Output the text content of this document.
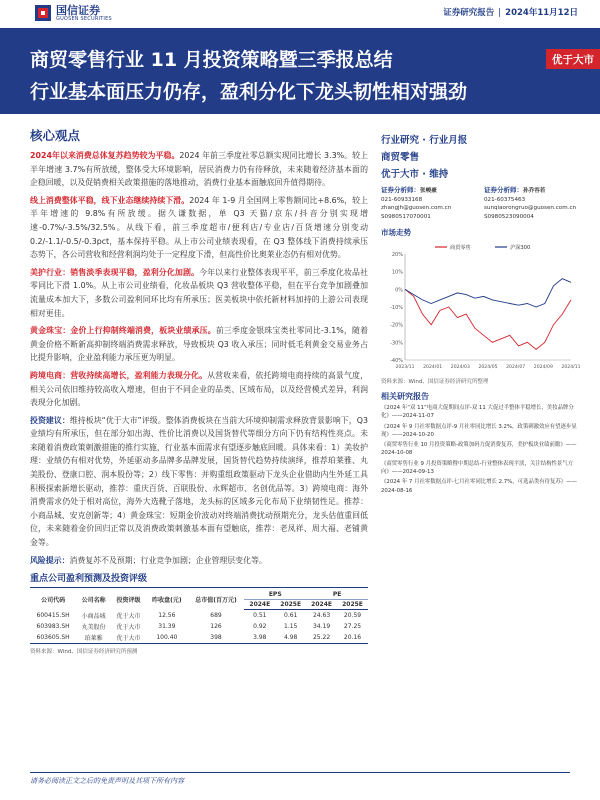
国信证券
GUOSEN SECURITIES
证券研究报告 | 2024年11月12日
商贸零售行业 11 月投资策略暨三季报总结
行业基本面压力仍存，盈利分化下龙头韧性相对强劲
优于大市
核心观点

2024年以来消费总体复苏趋势较为平稳。2024 年前三季度社零总额实现同比增长 3.3%。较上半年增速 3.7%有所放缓，整体受大环境影响，居民消费力仍有待释放，未来随着经济基本面的企稳回暖，以及促销费相关政策措施的落地推动，消费行业基本面触底回升值得期待。

线上消费整体平稳，线下业态继续持续下滑。2024 年 1-9 月全国网上零售额同比+8.6%，较上半年增速的 9.8%有所放缓。据久谦数据，单 Q3 天猫/京东/抖音分别实现增速-0.7%/-3.5%/32.5%。从线下看，前三季度超市/便利店/专业店/百货增速分别变动 0.2/-1.1/-0.5/-0.3pct，基本保持平稳。从上市公司业绩表现看，在 Q3 整体线下消费持续承压态势下，各公司营收和经营利润均处于一定程度下滑，但高性价比奥莱业态仍有相对优势。

美护行业：销售淡季表现平稳，盈利分化加剧。今年以来行业整体表现平平，前三季度化妆品社零同比下滑 1.0%。从上市公司业绩看，化妆品板块 Q3 营收整体平稳，但在平台竞争加剧叠加流量成本加大下，多数公司盈利同环比均有所承压；医美板块中依托新材料加持的上游公司表现相对更佳。

黄金珠宝：金价上行抑制终端消费，板块业绩承压。前三季度金银珠宝类社零同比-3.1%，随着黄金价格不断新高抑制终端消费需求释放，导致板块 Q3 收入承压；同时低毛利黄金交易业务占比提升影响，企业盈利能力承压更为明显。

跨境电商：营收持续高增长，盈利能力表现分化。从营收来看，依托跨境电商持续的高景气度，相关公司依旧维持较高收入增速，但由于不同企业的品类、区域布局，以及经营模式差异，利润表现分化加剧。

投资建议：维持板块“优于大市”评级。整体消费板块在当前大环境抑制需求释放背景影响下，Q3 业绩均有所承压，但在部分如出海、性价比消费以及国货替代等细分方向下仍有结构性亮点。未来随着消费政策刺激措施的推行实施，行业基本面需求有望逐步触底回暖。具体来看：1）美妆护理：业绩仍有相对优势，外延驱动多品牌多品牌发展，国货替代趋势持续演绎，推荐珀莱雅、丸美股份、登康口腔、润本股份等；2）线下零售：并购重组政策驱动下龙头企业借助内生外延工具积极探索新增长驱动，推荐：重庆百货、百联股份、永辉超市、名创优品等。3）跨境电商：海外消费需求仍处于相对高位，海外大选靴子落地，龙头标的区域多元化布局下业绩韧性足。推荐：小商品城、安克创新等；4）黄金珠宝：短期金价波动对终端消费扰动预期充分，龙头估值重回低位，未来随着金价回归正常以及消费政策刺激基本面有望触底，推荐：老凤祥、周大福、老铺黄金等。

风险提示：消费复苏不及预期；行业竞争加剧；企业管理层变化等。

重点公司盈利预测及投资评级
公司代码	公司名称	投资评级	昨收盘(元)	总市值(百万元)	EPS		PE	
					2024E	2025E	2024E	2025E
600415.SH	小商品城	优于大市	12.56	689	0.51	0.61	24.63	20.59
603983.SH	丸美股份	优于大市	31.39	126	0.92	1.15	34.19	27.25
603605.SH	珀莱雅	优于大市	100.40	398	3.98	4.98	25.22	20.16
资料来源：Wind、国信证券经济研究所预测
行业研究 · 行业月报
商贸零售
优于大市 · 维持
证券分析师：张峻豪
021-60933168
zhangjh@guosen.com.cn
S0980517070001
证券分析师：孙乔容若
021-60375463
sunqiaorongruo@guosen.com.cn
S0980523090004
市场走势
20%
10%
0%
-10%
-20%
-30%
-40%
2023/11 2024/01 2024/03 2024/05 2024/07 2024/09 2024/11
商贸零售	沪深300
资料来源：Wind、国信证券经济研究所整理
相关研究报告
《2024 年“双 11”电商大促期间点评-双 11 大促过半整体平稳增长，美妆品牌分化》——2024-11-07
《2024 年 9 月社零数据点评-9 月社零同比增长 3.2%，政策刺激效应有望逐步显现》——2024-10-20
《商贸零售行业 10 月投资策略-政策加码力促消费复苏，美护板块业绩前瞻》——2024-10-08
《商贸零售行业 9 月投资策略暨中期总结-行业整体表现平淡，关注结构性景气方向》——2024-09-13
《2024 年 7 月社零数据点评-七月社零同比增长 2.7%，可选品类有待复苏》——2024-08-16
请务必阅读正文之后的免责声明及其项下所有内容
